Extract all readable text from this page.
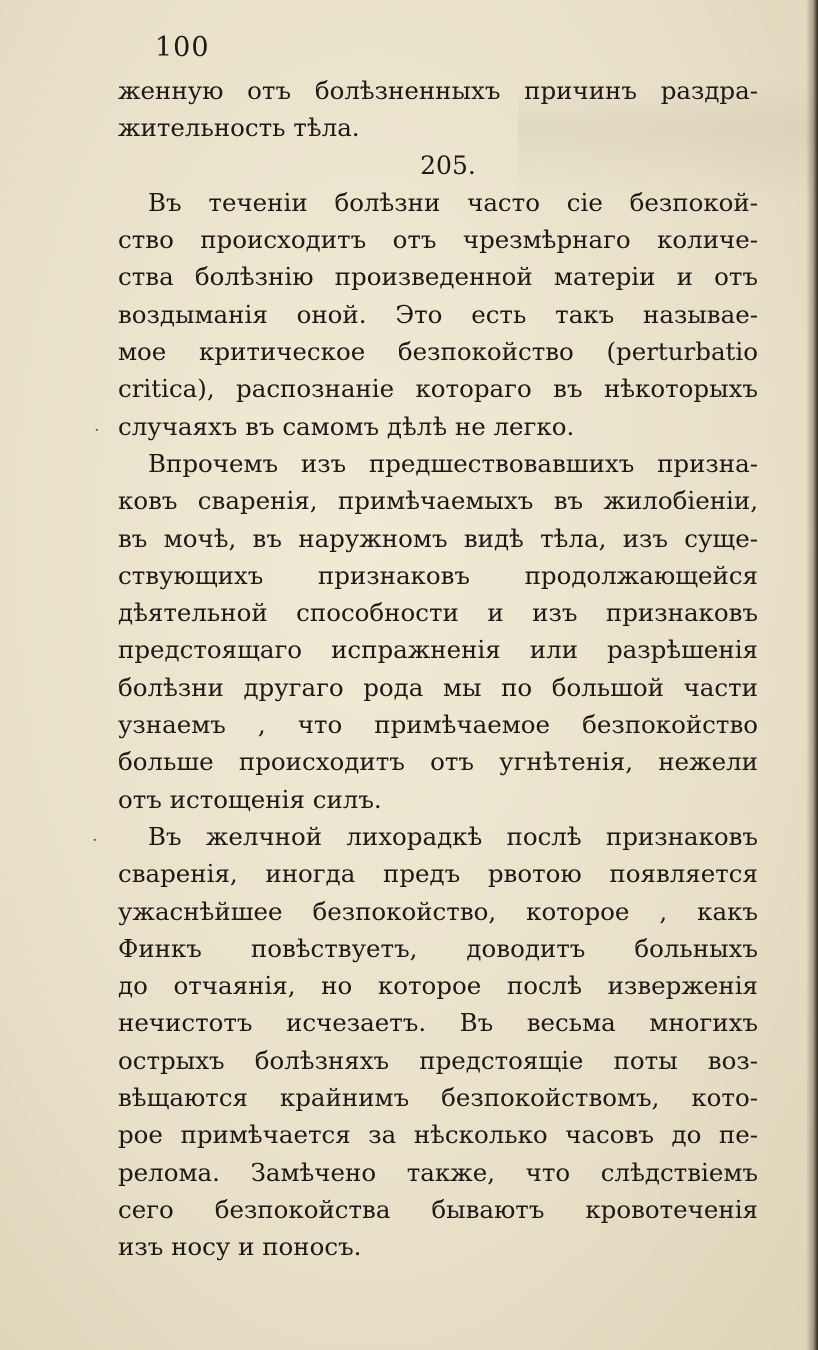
100
женную отъ болѣзненныхъ причинъ раздра-
жительность тѣла.
205.
Въ теченіи болѣзни часто сіе безпокой-
ство происходитъ отъ чрезмѣрнаго количе-
ства болѣзнію произведенной матеріи и отъ
воздыманія оной. Это есть такъ называе-
мое критическое безпокойство (perturbatio
critica), распознаніе котораго въ нѣкоторыхъ
случаяхъ въ самомъ дѣлѣ не легко.
Впрочемъ изъ предшествовавшихъ призна-
ковъ сваренія, примѣчаемыхъ въ жилобіеніи,
въ мочѣ, въ наружномъ видѣ тѣла, изъ суще-
ствующихъ признаковъ продолжающейся
дѣятельной способности и изъ признаковъ
предстоящаго испражненія или разрѣшенія
болѣзни другаго рода мы по большой части
узнаемъ , что примѣчаемое безпокойство
больше происходитъ отъ угнѣтенія, нежели
отъ истощенія силъ.
Въ желчной лихорадкѣ послѣ признаковъ
сваренія, иногда предъ рвотою появляется
ужаснѣйшее безпокойство, которое , какъ
Финкъ повѣствуетъ, доводитъ больныхъ
до отчаянія, но которое послѣ изверженія
нечистотъ исчезаетъ. Въ весьма многихъ
острыхъ болѣзняхъ предстоящіе поты воз-
вѣщаются крайнимъ безпокойствомъ, кото-
рое примѣчается за нѣсколько часовъ до пе-
релома. Замѣчено также, что слѣдствіемъ
сего безпокойства бываютъ кровотеченія
изъ носу и поносъ.
·
·
